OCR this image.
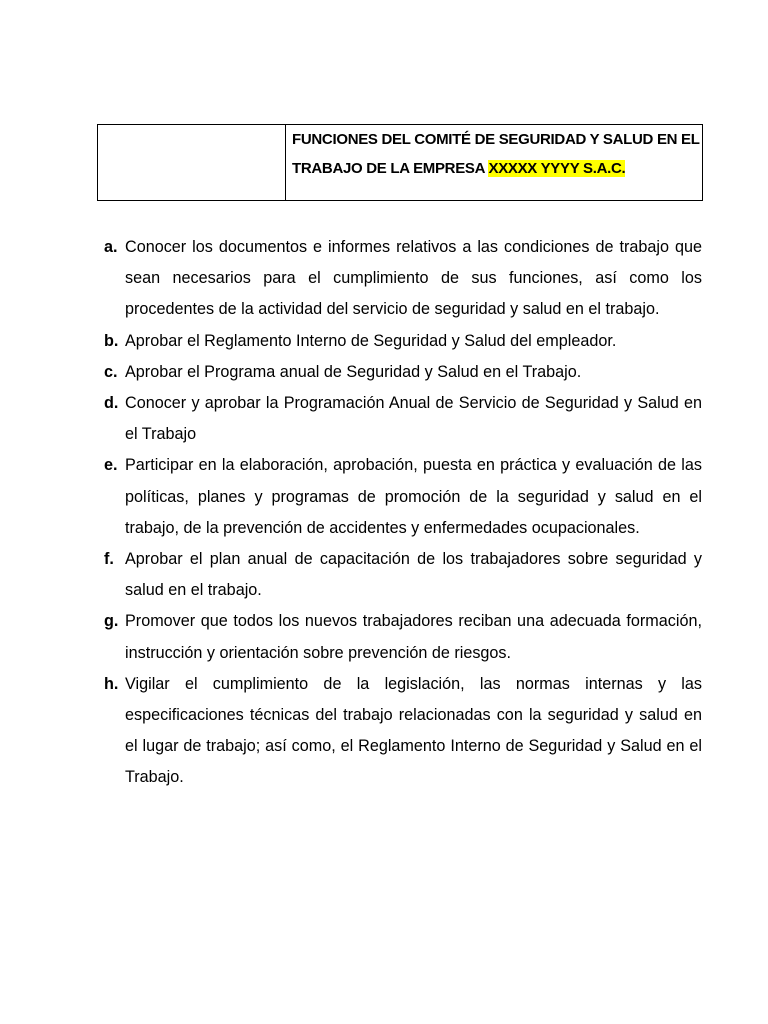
FUNCIONES DEL COMITÉ DE SEGURIDAD Y SALUD EN EL
TRABAJO DE LA EMPRESA XXXXX YYYY S.A.C.
a. Conocer los documentos e informes relativos a las condiciones de trabajo que sean necesarios para el cumplimiento de sus funciones, así como los procedentes de la actividad del servicio de seguridad y salud en el trabajo.
b. Aprobar el Reglamento Interno de Seguridad y Salud del empleador.
c. Aprobar el Programa anual de Seguridad y Salud en el Trabajo.
d. Conocer y aprobar la Programación Anual de Servicio de Seguridad y Salud en el Trabajo
e. Participar en la elaboración, aprobación, puesta en práctica y evaluación de las políticas, planes y programas de promoción de la seguridad y salud en el trabajo, de la prevención de accidentes y enfermedades ocupacionales.
f. Aprobar el plan anual de capacitación de los trabajadores sobre seguridad y salud en el trabajo.
g. Promover que todos los nuevos trabajadores reciban una adecuada formación, instrucción y orientación sobre prevención de riesgos.
h. Vigilar el cumplimiento de la legislación, las normas internas y las especificaciones técnicas del trabajo relacionadas con la seguridad y salud en el lugar de trabajo; así como, el Reglamento Interno de Seguridad y Salud en el Trabajo.
